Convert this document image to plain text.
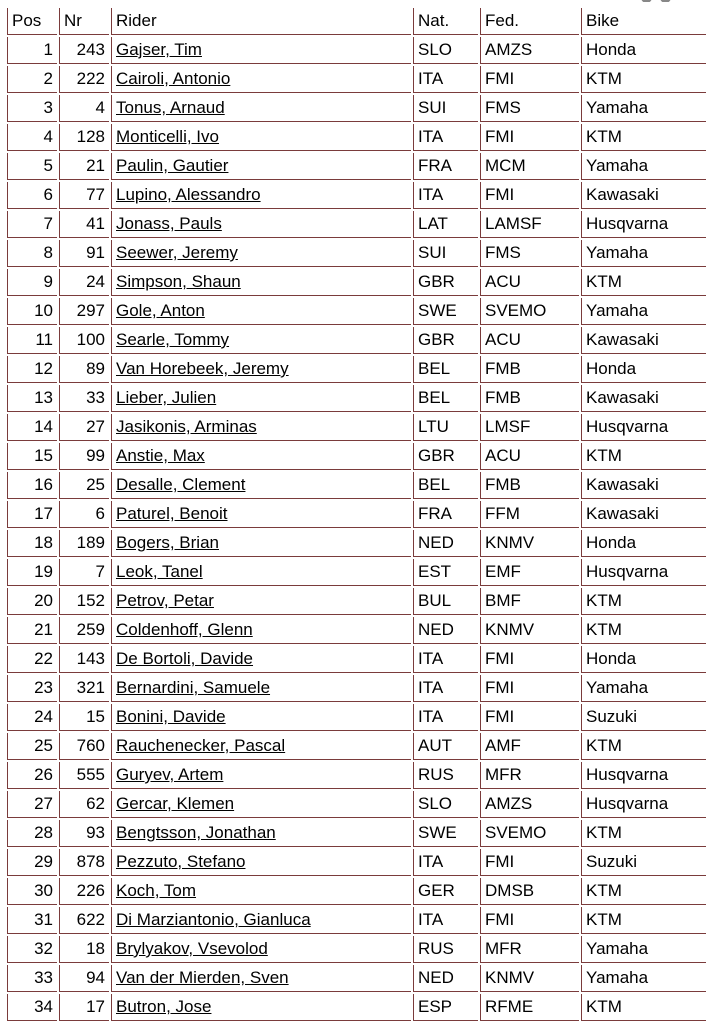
Pos	Nr	Rider	Nat.	Fed.	Bike
1	243	Gajser, Tim	SLO	AMZS	Honda
2	222	Cairoli, Antonio	ITA	FMI	KTM
3	4	Tonus, Arnaud	SUI	FMS	Yamaha
4	128	Monticelli, Ivo	ITA	FMI	KTM
5	21	Paulin, Gautier	FRA	MCM	Yamaha
6	77	Lupino, Alessandro	ITA	FMI	Kawasaki
7	41	Jonass, Pauls	LAT	LAMSF	Husqvarna
8	91	Seewer, Jeremy	SUI	FMS	Yamaha
9	24	Simpson, Shaun	GBR	ACU	KTM
10	297	Gole, Anton	SWE	SVEMO	Yamaha
11	100	Searle, Tommy	GBR	ACU	Kawasaki
12	89	Van Horebeek, Jeremy	BEL	FMB	Honda
13	33	Lieber, Julien	BEL	FMB	Kawasaki
14	27	Jasikonis, Arminas	LTU	LMSF	Husqvarna
15	99	Anstie, Max	GBR	ACU	KTM
16	25	Desalle, Clement	BEL	FMB	Kawasaki
17	6	Paturel, Benoit	FRA	FFM	Kawasaki
18	189	Bogers, Brian	NED	KNMV	Honda
19	7	Leok, Tanel	EST	EMF	Husqvarna
20	152	Petrov, Petar	BUL	BMF	KTM
21	259	Coldenhoff, Glenn	NED	KNMV	KTM
22	143	De Bortoli, Davide	ITA	FMI	Honda
23	321	Bernardini, Samuele	ITA	FMI	Yamaha
24	15	Bonini, Davide	ITA	FMI	Suzuki
25	760	Rauchenecker, Pascal	AUT	AMF	KTM
26	555	Guryev, Artem	RUS	MFR	Husqvarna
27	62	Gercar, Klemen	SLO	AMZS	Husqvarna
28	93	Bengtsson, Jonathan	SWE	SVEMO	KTM
29	878	Pezzuto, Stefano	ITA	FMI	Suzuki
30	226	Koch, Tom	GER	DMSB	KTM
31	622	Di Marziantonio, Gianluca	ITA	FMI	KTM
32	18	Brylyakov, Vsevolod	RUS	MFR	Yamaha
33	94	Van der Mierden, Sven	NED	KNMV	Yamaha
34	17	Butron, Jose	ESP	RFME	KTM
